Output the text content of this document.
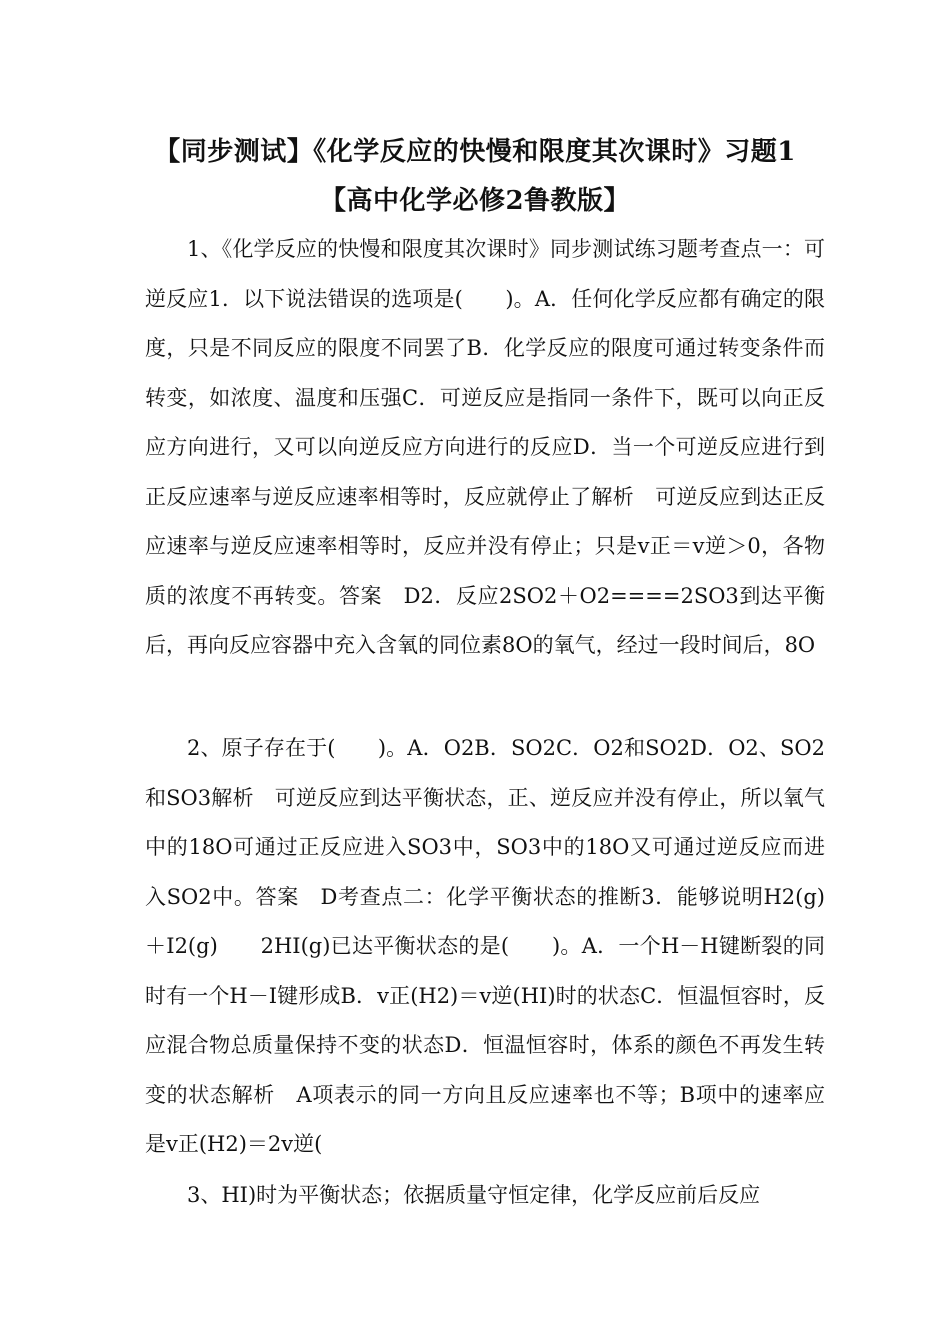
【同步测试】《化学反应的快慢和限度其次课时》习题1
【高中化学必修2鲁教版】

1、《化学反应的快慢和限度其次课时》同步测试练习题考查点一：可逆反应1．以下说法错误的选项是(　　)。A．任何化学反应都有确定的限度，只是不同反应的限度不同罢了B．化学反应的限度可通过转变条件而转变，如浓度、温度和压强C．可逆反应是指同一条件下，既可以向正反应方向进行，又可以向逆反应方向进行的反应D．当一个可逆反应进行到正反应速率与逆反应速率相等时，反应就停止了解析　可逆反应到达正反应速率与逆反应速率相等时，反应并没有停止；只是v正＝v逆＞0，各物质的浓度不再转变。答案　D2．反应2SO2＋O2====2SO3到达平衡后，再向反应容器中充入含氧的同位素8O的氧气，经过一段时间后，8O

2、原子存在于(　　)。A．O2B．SO2C．O2和SO2D．O2、SO2和SO3解析　可逆反应到达平衡状态，正、逆反应并没有停止，所以氧气中的18O可通过正反应进入SO3中，SO3中的18O又可通过逆反应而进入SO2中。答案　D考查点二：化学平衡状态的推断3．能够说明H2(g)＋I2(g)　　2HI(g)已达平衡状态的是(　　)。A．一个H－H键断裂的同时有一个H－I键形成B．v正(H2)＝v逆(HI)时的状态C．恒温恒容时，反应混合物总质量保持不变的状态D．恒温恒容时，体系的颜色不再发生转变的状态解析　A项表示的同一方向且反应速率也不等；B项中的速率应是v正(H2)＝2v逆(

3、HI)时为平衡状态；依据质量守恒定律，化学反应前后反应
